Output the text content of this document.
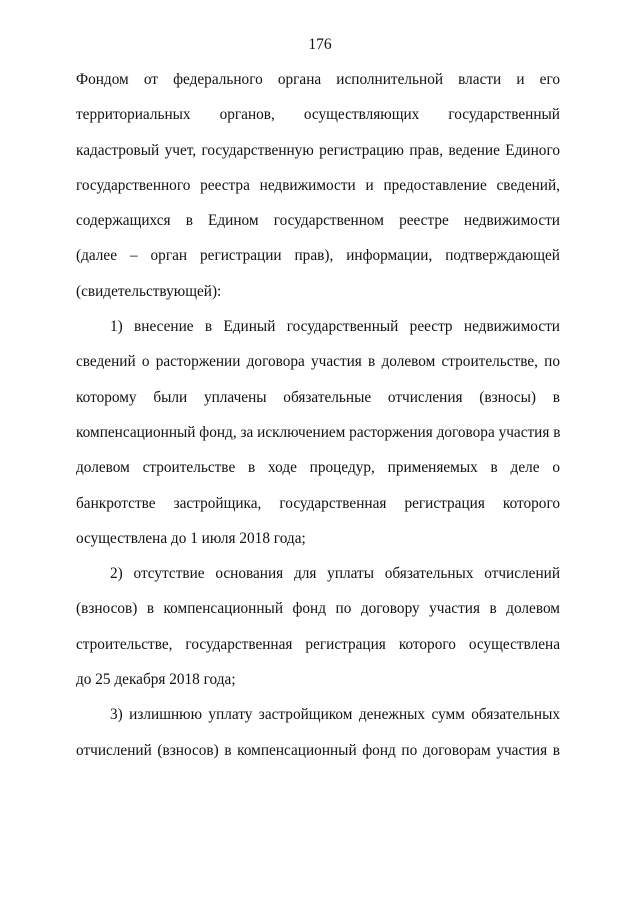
176
Фондом от федерального органа исполнительной власти и его
территориальных органов, осуществляющих государственный
кадастровый учет, государственную регистрацию прав, ведение Единого
государственного реестра недвижимости и предоставление сведений,
содержащихся в Едином государственном реестре недвижимости
(далее – орган регистрации прав), информации, подтверждающей
(свидетельствующей):
1) внесение в Единый государственный реестр недвижимости
сведений о расторжении договора участия в долевом строительстве, по
которому были уплачены обязательные отчисления (взносы) в
компенсационный фонд, за исключением расторжения договора участия в
долевом строительстве в ходе процедур, применяемых в деле о
банкротстве застройщика, государственная регистрация которого
осуществлена до 1 июля 2018 года;
2) отсутствие основания для уплаты обязательных отчислений
(взносов) в компенсационный фонд по договору участия в долевом
строительстве, государственная регистрация которого осуществлена
до 25 декабря 2018 года;
3) излишнюю уплату застройщиком денежных сумм обязательных
отчислений (взносов) в компенсационный фонд по договорам участия в
